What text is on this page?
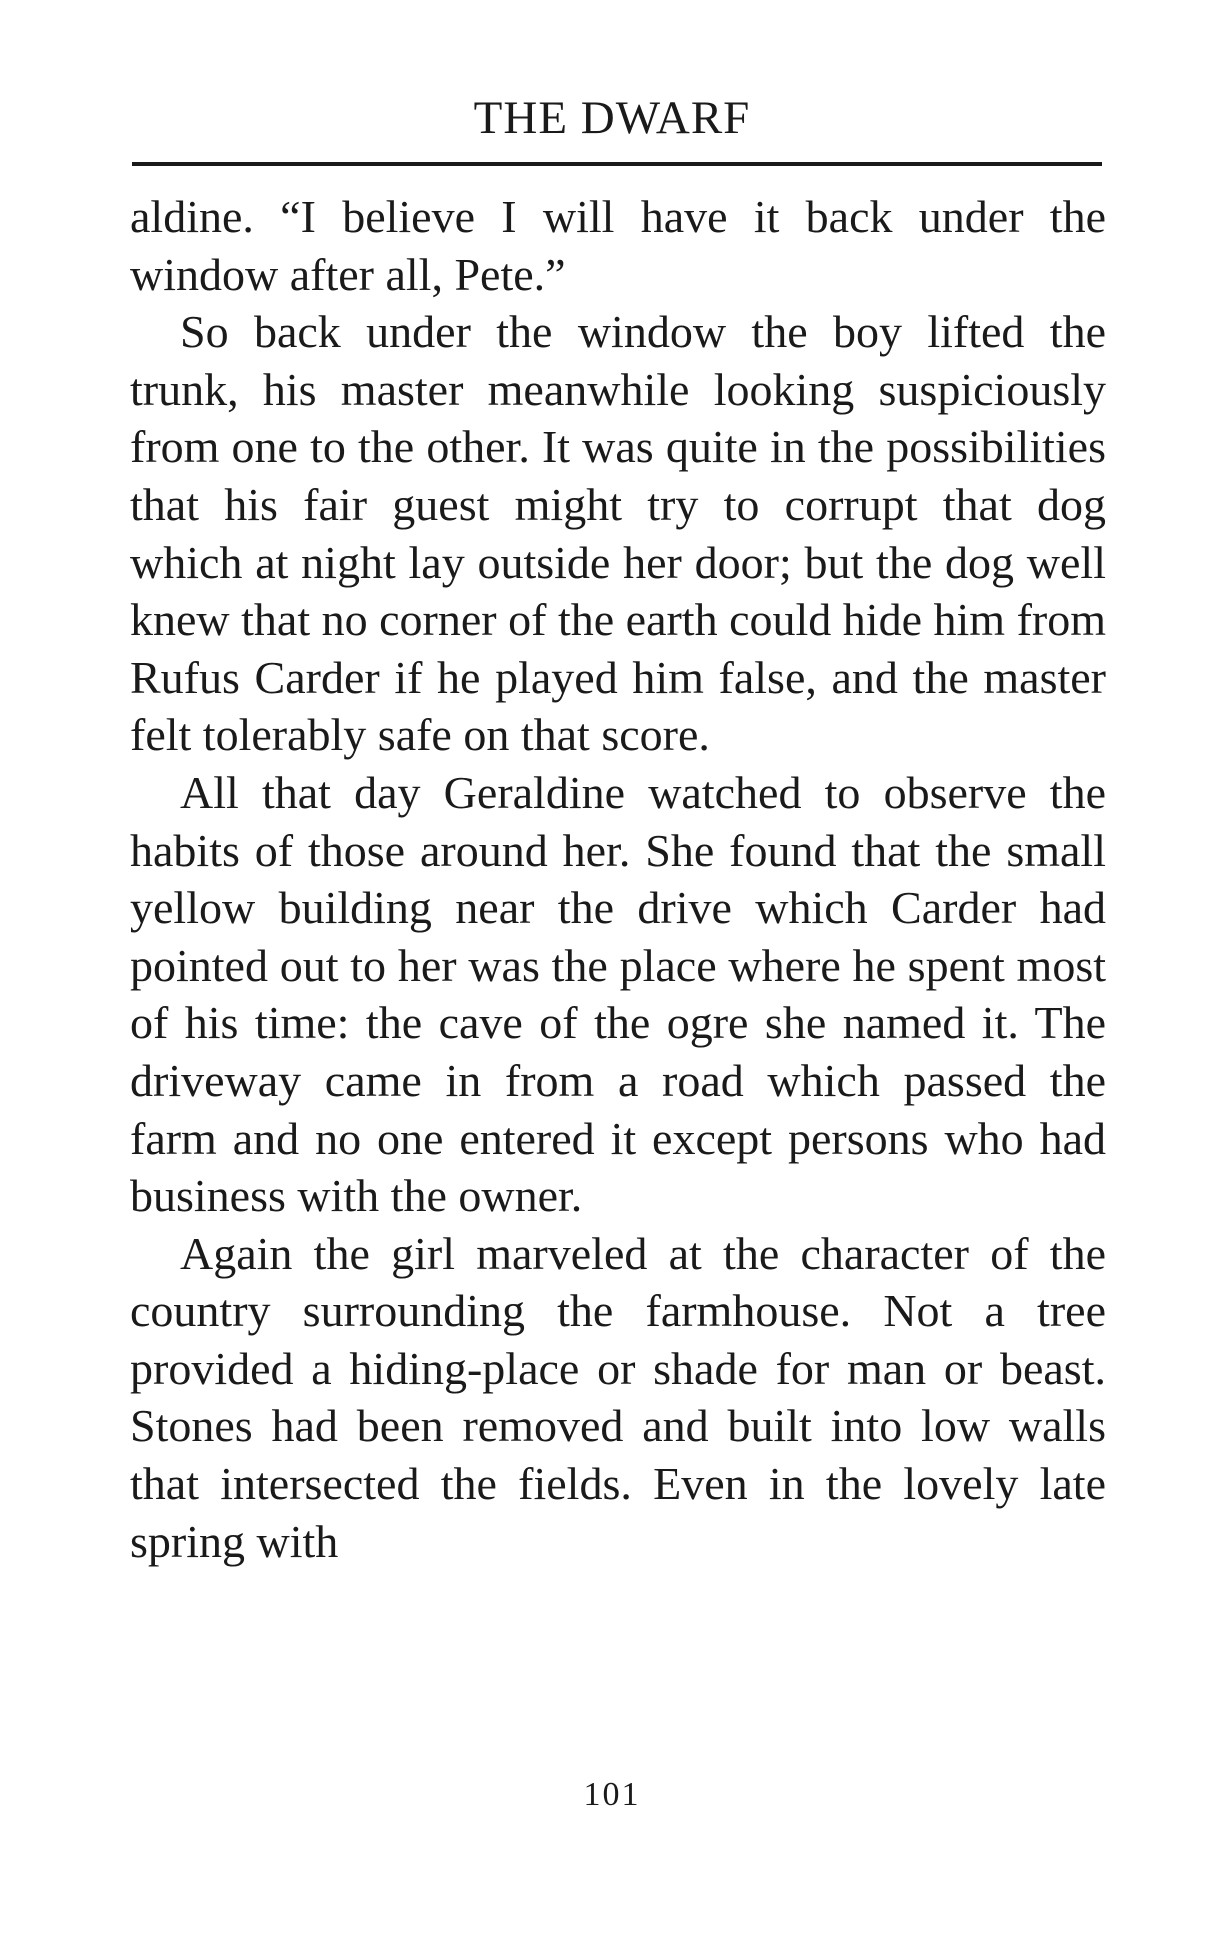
THE DWARF

aldine. “I believe I will have it back under the window after all, Pete.”

So back under the window the boy lifted the trunk, his master meanwhile looking suspiciously from one to the other. It was quite in the possibilities that his fair guest might try to corrupt that dog which at night lay outside her door; but the dog well knew that no corner of the earth could hide him from Rufus Carder if he played him false, and the master felt tolerably safe on that score.

All that day Geraldine watched to observe the habits of those around her. She found that the small yellow building near the drive which Carder had pointed out to her was the place where he spent most of his time: the cave of the ogre she named it. The driveway came in from a road which passed the farm and no one entered it except persons who had business with the owner.

Again the girl marveled at the character of the country surrounding the farmhouse. Not a tree provided a hiding-place or shade for man or beast. Stones had been removed and built into low walls that intersected the fields. Even in the lovely late spring with

101
